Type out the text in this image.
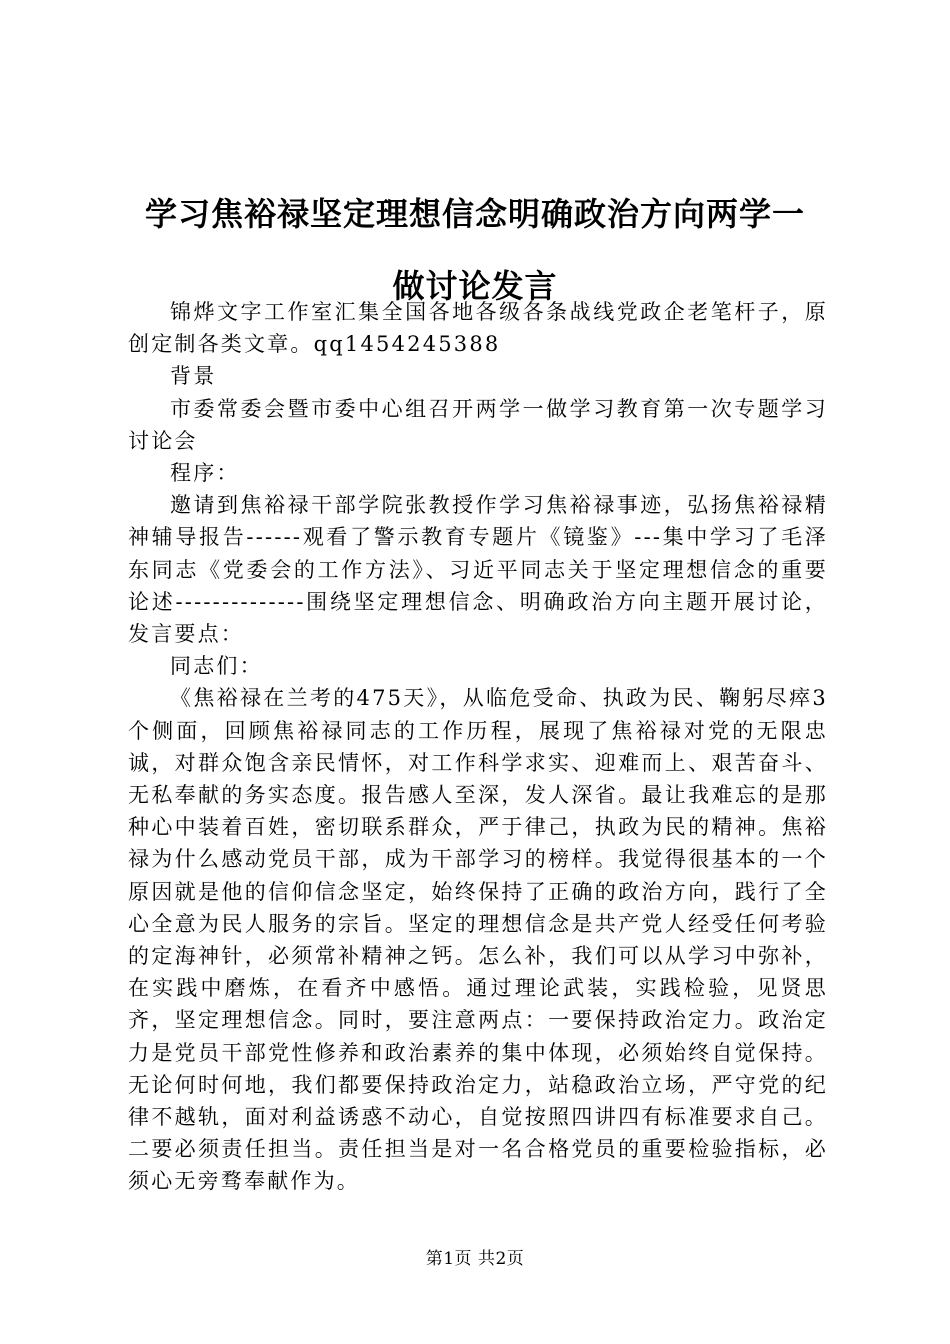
学习焦裕禄坚定理想信念明确政治方向两学一
做讨论发言

锦烨文字工作室汇集全国各地各级各条战线党政企老笔杆子，原创定制各类文章。qq1454245388

背景

市委常委会暨市委中心组召开两学一做学习教育第一次专题学习讨论会

程序：

邀请到焦裕禄干部学院张教授作学习焦裕禄事迹，弘扬焦裕禄精神辅导报告------观看了警示教育专题片《镜鉴》---集中学习了毛泽东同志《党委会的工作方法》、习近平同志关于坚定理想信念的重要论述--------------围绕坚定理想信念、明确政治方向主题开展讨论，发言要点：

同志们：

《焦裕禄在兰考的475天》，从临危受命、执政为民、鞠躬尽瘁3个侧面，回顾焦裕禄同志的工作历程，展现了焦裕禄对党的无限忠诚，对群众饱含亲民情怀，对工作科学求实、迎难而上、艰苦奋斗、无私奉献的务实态度。报告感人至深，发人深省。最让我难忘的是那种心中装着百姓，密切联系群众，严于律己，执政为民的精神。焦裕禄为什么感动党员干部，成为干部学习的榜样。我觉得很基本的一个原因就是他的信仰信念坚定，始终保持了正确的政治方向，践行了全心全意为民人服务的宗旨。坚定的理想信念是共产党人经受任何考验的定海神针，必须常补精神之钙。怎么补，我们可以从学习中弥补，在实践中磨炼，在看齐中感悟。通过理论武装，实践检验，见贤思齐，坚定理想信念。同时，要注意两点：一要保持政治定力。政治定力是党员干部党性修养和政治素养的集中体现，必须始终自觉保持。无论何时何地，我们都要保持政治定力，站稳政治立场，严守党的纪律不越轨，面对利益诱惑不动心，自觉按照四讲四有标准要求自己。二要必须责任担当。责任担当是对一名合格党员的重要检验指标，必须心无旁骛奉献作为。

第1页 共2页
